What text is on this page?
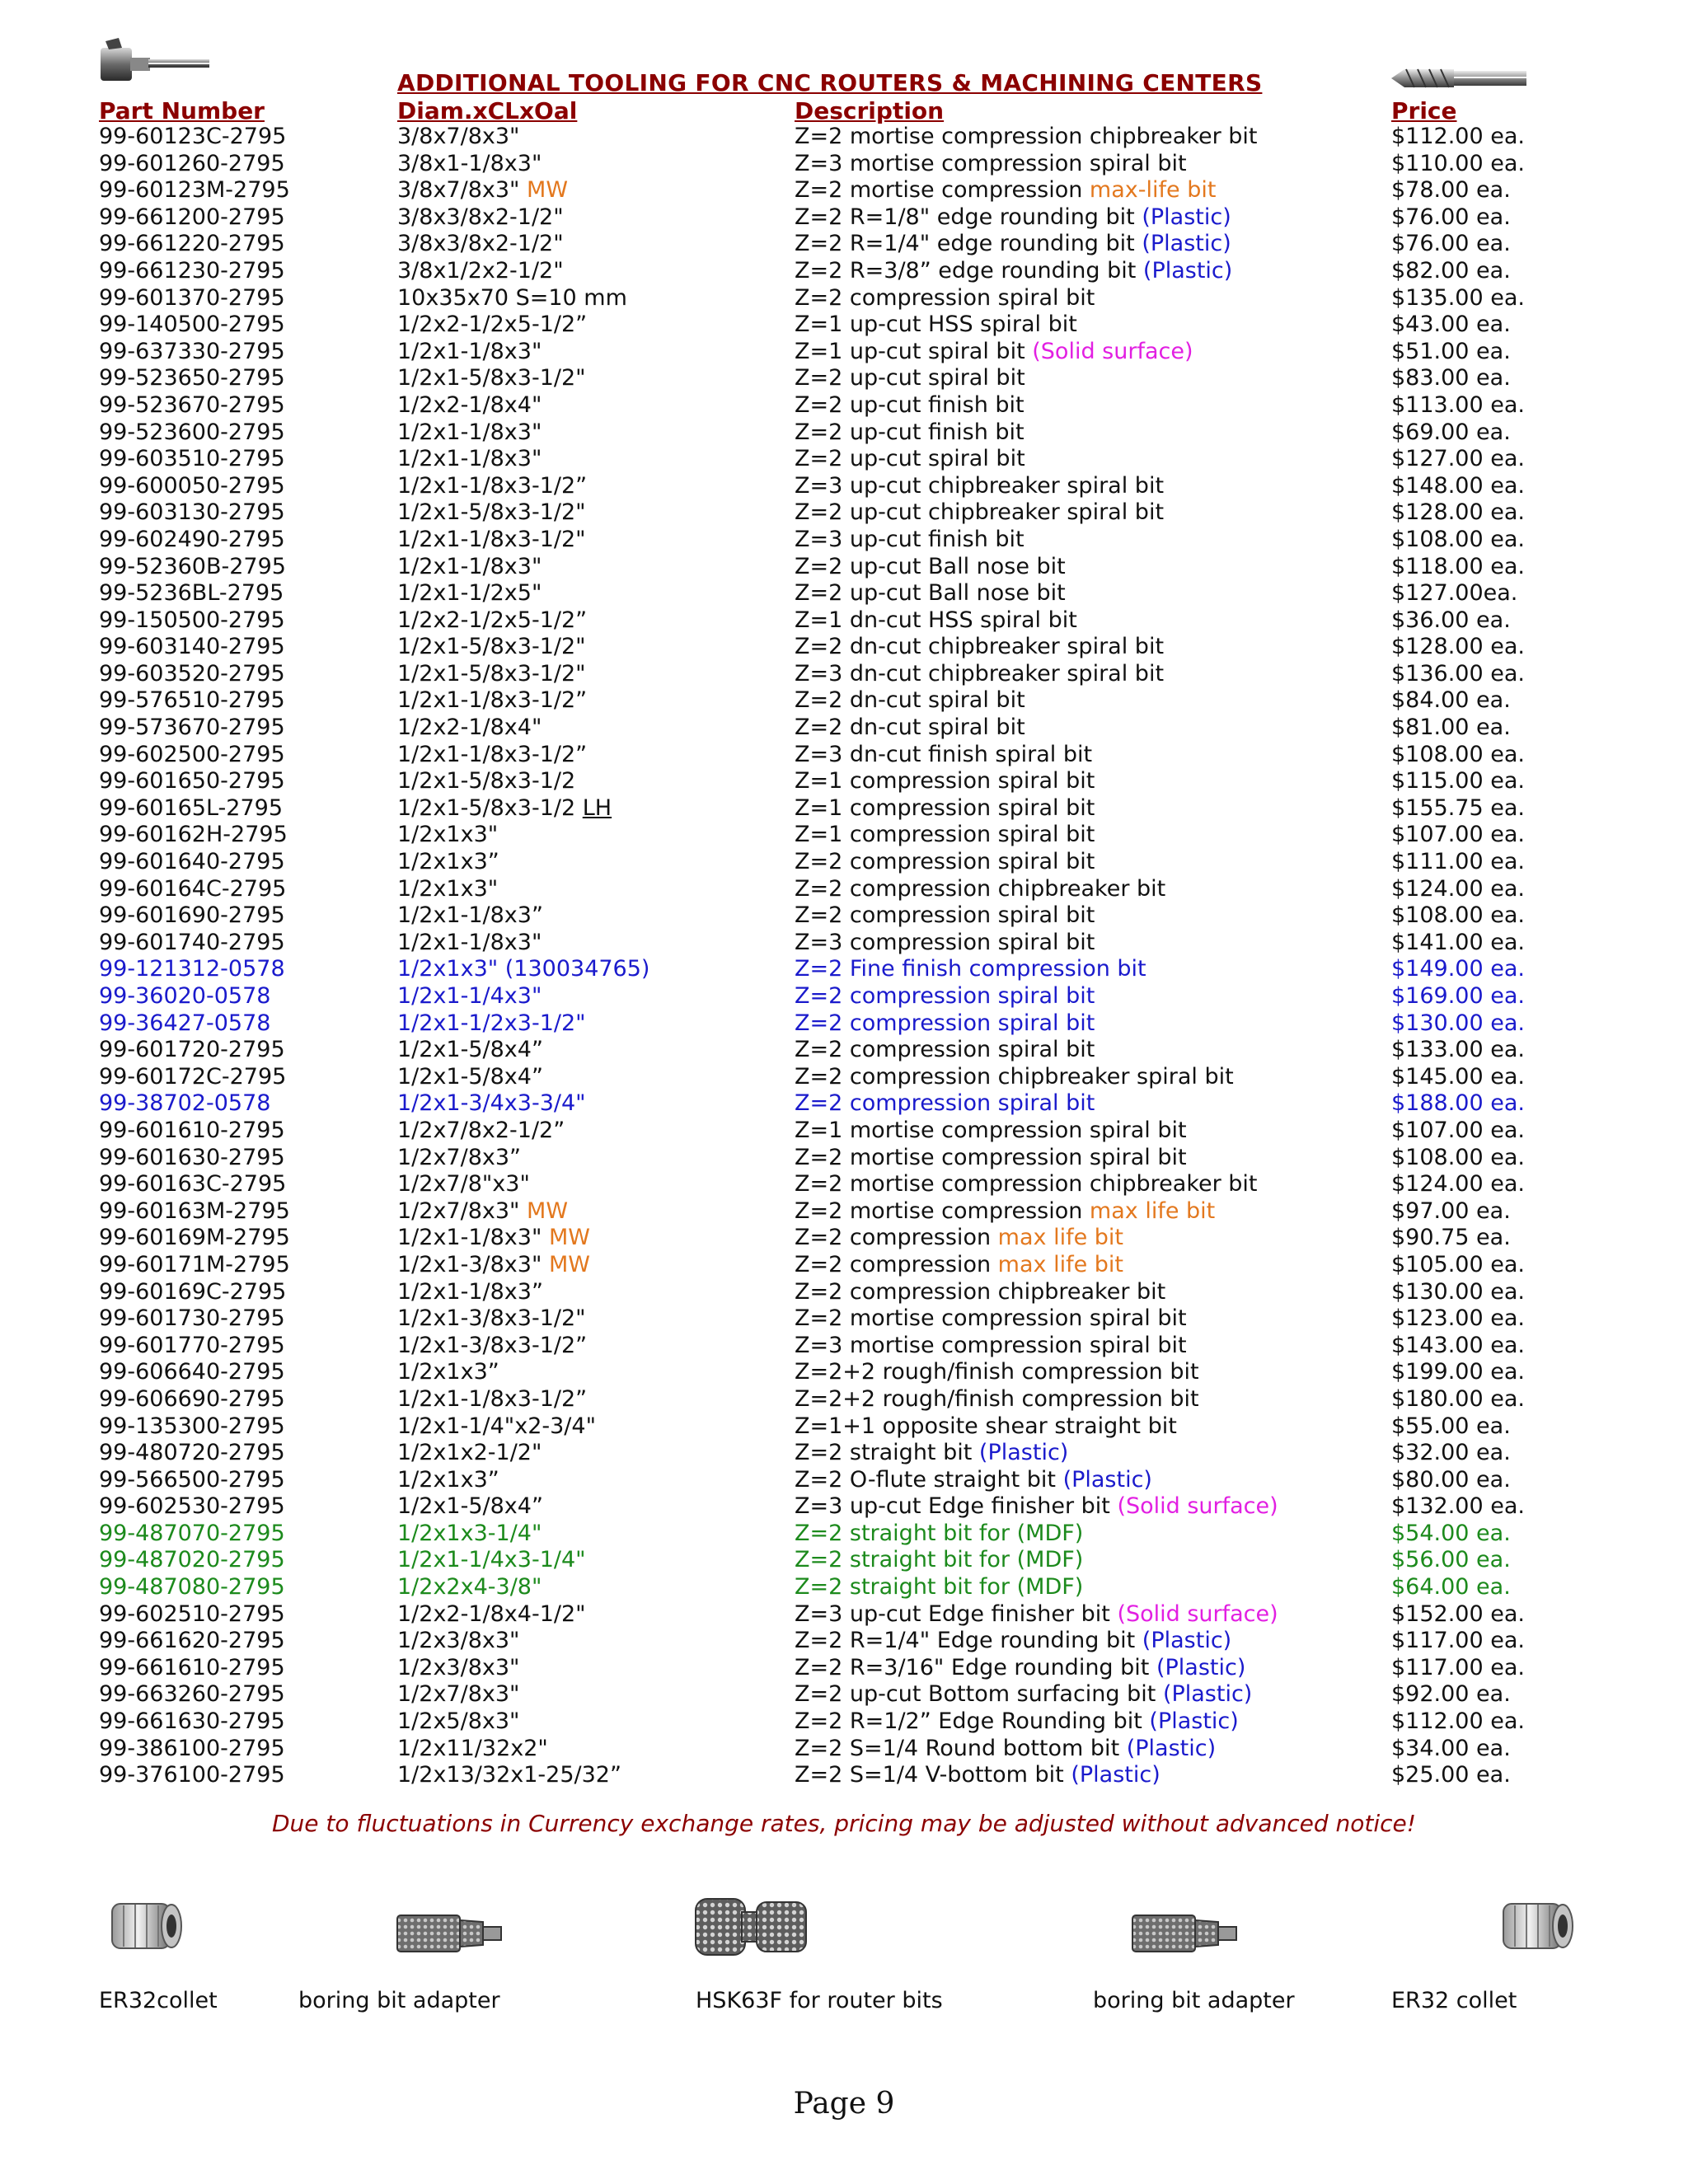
ADDITIONAL TOOLING FOR CNC ROUTERS & MACHINING CENTERS
Part Number	Diam.xCLxOal	Description	Price
99-60123C-2795	3/8x7/8x3"	Z=2 mortise compression chipbreaker bit	$112.00 ea.
99-601260-2795	3/8x1-1/8x3"	Z=3 mortise compression spiral bit	$110.00 ea.
99-60123M-2795	3/8x7/8x3" MW	Z=2 mortise compression max-life bit	$78.00 ea.
99-661200-2795	3/8x3/8x2-1/2"	Z=2 R=1/8" edge rounding bit (Plastic)	$76.00 ea.
99-661220-2795	3/8x3/8x2-1/2"	Z=2 R=1/4" edge rounding bit (Plastic)	$76.00 ea.
99-661230-2795	3/8x1/2x2-1/2"	Z=2 R=3/8” edge rounding bit (Plastic)	$82.00 ea.
99-601370-2795	10x35x70 S=10 mm	Z=2 compression spiral bit	$135.00 ea.
99-140500-2795	1/2x2-1/2x5-1/2”	Z=1 up-cut HSS spiral bit	$43.00 ea.
99-637330-2795	1/2x1-1/8x3"	Z=1 up-cut spiral bit (Solid surface)	$51.00 ea.
99-523650-2795	1/2x1-5/8x3-1/2"	Z=2 up-cut spiral bit	$83.00 ea.
99-523670-2795	1/2x2-1/8x4"	Z=2 up-cut finish bit	$113.00 ea.
99-523600-2795	1/2x1-1/8x3"	Z=2 up-cut finish bit	$69.00 ea.
99-603510-2795	1/2x1-1/8x3"	Z=2 up-cut spiral bit	$127.00 ea.
99-600050-2795	1/2x1-1/8x3-1/2”	Z=3 up-cut chipbreaker spiral bit	$148.00 ea.
99-603130-2795	1/2x1-5/8x3-1/2"	Z=2 up-cut chipbreaker spiral bit	$128.00 ea.
99-602490-2795	1/2x1-1/8x3-1/2"	Z=3 up-cut finish bit	$108.00 ea.
99-52360B-2795	1/2x1-1/8x3"	Z=2 up-cut Ball nose bit	$118.00 ea.
99-5236BL-2795	1/2x1-1/2x5"	Z=2 up-cut Ball nose bit	$127.00ea.
99-150500-2795	1/2x2-1/2x5-1/2”	Z=1 dn-cut HSS spiral bit	$36.00 ea.
99-603140-2795	1/2x1-5/8x3-1/2"	Z=2 dn-cut chipbreaker spiral bit	$128.00 ea.
99-603520-2795	1/2x1-5/8x3-1/2"	Z=3 dn-cut chipbreaker spiral bit	$136.00 ea.
99-576510-2795	1/2x1-1/8x3-1/2”	Z=2 dn-cut spiral bit	$84.00 ea.
99-573670-2795	1/2x2-1/8x4"	Z=2 dn-cut spiral bit	$81.00 ea.
99-602500-2795	1/2x1-1/8x3-1/2”	Z=3 dn-cut finish spiral bit	$108.00 ea.
99-601650-2795	1/2x1-5/8x3-1/2	Z=1 compression spiral bit	$115.00 ea.
99-60165L-2795	1/2x1-5/8x3-1/2 LH	Z=1 compression spiral bit	$155.75 ea.
99-60162H-2795	1/2x1x3"	Z=1 compression spiral bit	$107.00 ea.
99-601640-2795	1/2x1x3”	Z=2 compression spiral bit	$111.00 ea.
99-60164C-2795	1/2x1x3"	Z=2 compression chipbreaker bit	$124.00 ea.
99-601690-2795	1/2x1-1/8x3”	Z=2 compression spiral bit	$108.00 ea.
99-601740-2795	1/2x1-1/8x3"	Z=3 compression spiral bit	$141.00 ea.
99-121312-0578	1/2x1x3" (130034765)	Z=2 Fine finish compression bit	$149.00 ea.
99-36020-0578	1/2x1-1/4x3"	Z=2 compression spiral bit	$169.00 ea.
99-36427-0578	1/2x1-1/2x3-1/2"	Z=2 compression spiral bit	$130.00 ea.
99-601720-2795	1/2x1-5/8x4”	Z=2 compression spiral bit	$133.00 ea.
99-60172C-2795	1/2x1-5/8x4”	Z=2 compression chipbreaker spiral bit	$145.00 ea.
99-38702-0578	1/2x1-3/4x3-3/4"	Z=2 compression spiral bit	$188.00 ea.
99-601610-2795	1/2x7/8x2-1/2”	Z=1 mortise compression spiral bit	$107.00 ea.
99-601630-2795	1/2x7/8x3”	Z=2 mortise compression spiral bit	$108.00 ea.
99-60163C-2795	1/2x7/8"x3"	Z=2 mortise compression chipbreaker bit	$124.00 ea.
99-60163M-2795	1/2x7/8x3" MW	Z=2 mortise compression max life bit	$97.00 ea.
99-60169M-2795	1/2x1-1/8x3" MW	Z=2 compression max life bit	$90.75 ea.
99-60171M-2795	1/2x1-3/8x3" MW	Z=2 compression max life bit	$105.00 ea.
99-60169C-2795	1/2x1-1/8x3”	Z=2 compression chipbreaker bit	$130.00 ea.
99-601730-2795	1/2x1-3/8x3-1/2"	Z=2 mortise compression spiral bit	$123.00 ea.
99-601770-2795	1/2x1-3/8x3-1/2”	Z=3 mortise compression spiral bit	$143.00 ea.
99-606640-2795	1/2x1x3”	Z=2+2 rough/finish compression bit	$199.00 ea.
99-606690-2795	1/2x1-1/8x3-1/2”	Z=2+2 rough/finish compression bit	$180.00 ea.
99-135300-2795	1/2x1-1/4"x2-3/4"	Z=1+1 opposite shear straight bit	$55.00 ea.
99-480720-2795	1/2x1x2-1/2"	Z=2 straight bit (Plastic)	$32.00 ea.
99-566500-2795	1/2x1x3”	Z=2 O-flute straight bit (Plastic)	$80.00 ea.
99-602530-2795	1/2x1-5/8x4”	Z=3 up-cut Edge finisher bit (Solid surface)	$132.00 ea.
99-487070-2795	1/2x1x3-1/4"	Z=2 straight bit for (MDF)	$54.00 ea.
99-487020-2795	1/2x1-1/4x3-1/4"	Z=2 straight bit for (MDF)	$56.00 ea.
99-487080-2795	1/2x2x4-3/8"	Z=2 straight bit for (MDF)	$64.00 ea.
99-602510-2795	1/2x2-1/8x4-1/2"	Z=3 up-cut Edge finisher bit (Solid surface)	$152.00 ea.
99-661620-2795	1/2x3/8x3"	Z=2 R=1/4" Edge rounding bit (Plastic)	$117.00 ea.
99-661610-2795	1/2x3/8x3"	Z=2 R=3/16" Edge rounding bit (Plastic)	$117.00 ea.
99-663260-2795	1/2x7/8x3"	Z=2 up-cut Bottom surfacing bit (Plastic)	$92.00 ea.
99-661630-2795	1/2x5/8x3"	Z=2 R=1/2” Edge Rounding bit (Plastic)	$112.00 ea.
99-386100-2795	1/2x11/32x2"	Z=2 S=1/4 Round bottom bit (Plastic)	$34.00 ea.
99-376100-2795	1/2x13/32x1-25/32”	Z=2 S=1/4 V-bottom bit (Plastic)	$25.00 ea.
Due to fluctuations in Currency exchange rates, pricing may be adjusted without advanced notice!
ER32collet	boring bit adapter	HSK63F for router bits	boring bit adapter	ER32 collet
Page 9
